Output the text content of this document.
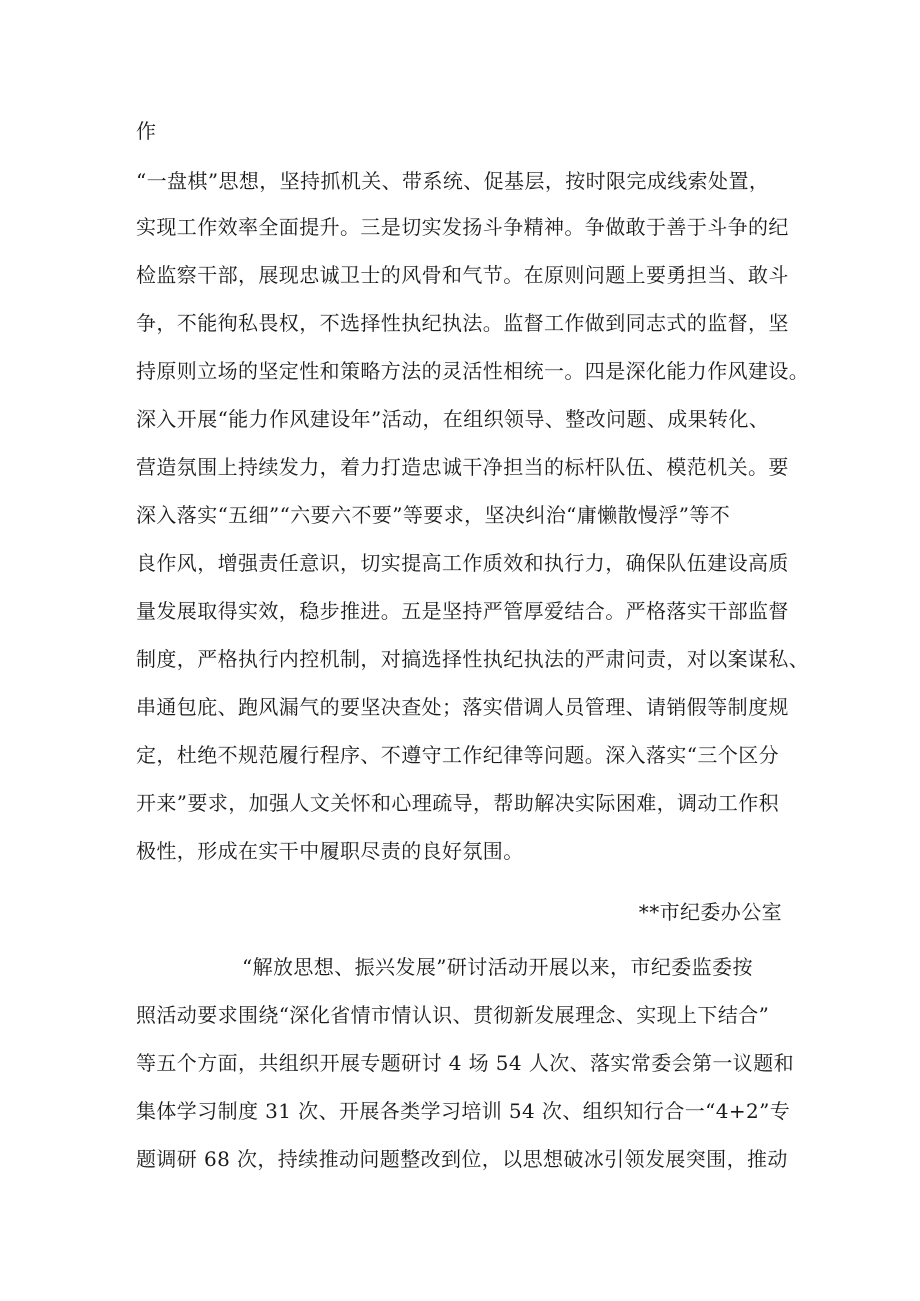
作
“一盘棋”思想，坚持抓机关、带系统、促基层，按时限完成线索处置，
实现工作效率全面提升。三是切实发扬斗争精神。争做敢于善于斗争的纪
检监察干部，展现忠诚卫士的风骨和气节。在原则问题上要勇担当、敢斗
争，不能徇私畏权，不选择性执纪执法。监督工作做到同志式的监督，坚
持原则立场的坚定性和策略方法的灵活性相统一。四是深化能力作风建设。
深入开展“能力作风建设年”活动，在组织领导、整改问题、成果转化、
营造氛围上持续发力，着力打造忠诚干净担当的标杆队伍、模范机关。要
深入落实“五细”“六要六不要”等要求，坚决纠治“庸懒散慢浮”等不
良作风，增强责任意识，切实提高工作质效和执行力，确保队伍建设高质
量发展取得实效，稳步推进。五是坚持严管厚爱结合。严格落实干部监督
制度，严格执行内控机制，对搞选择性执纪执法的严肃问责，对以案谋私、
串通包庇、跑风漏气的要坚决查处；落实借调人员管理、请销假等制度规
定，杜绝不规范履行程序、不遵守工作纪律等问题。深入落实“三个区分
开来”要求，加强人文关怀和心理疏导，帮助解决实际困难，调动工作积
极性，形成在实干中履职尽责的良好氛围。
**市纪委办公室
“解放思想、振兴发展”研讨活动开展以来，市纪委监委按
照活动要求围绕“深化省情市情认识、贯彻新发展理念、实现上下结合”
等五个方面，共组织开展专题研讨 4 场 54 人次、落实常委会第一议题和
集体学习制度 31 次、开展各类学习培训 54 次、组织知行合一“4+2”专
题调研 68 次，持续推动问题整改到位，以思想破冰引领发展突围，推动
